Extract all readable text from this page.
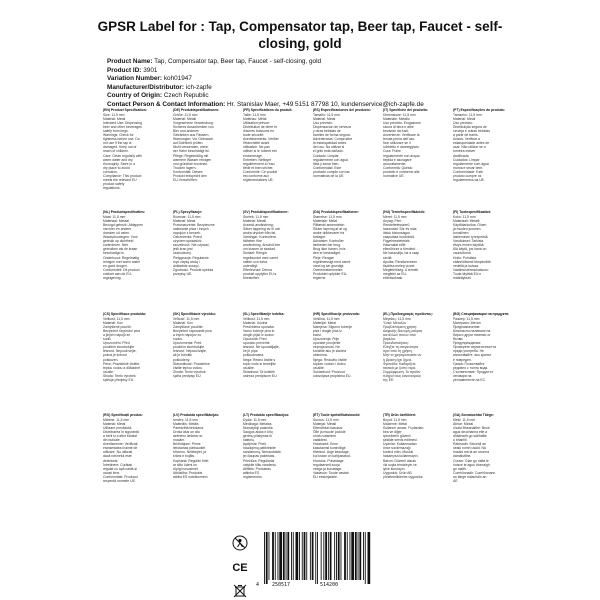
GPSR Label for : Tap, Compensator tap, Beer tap, Faucet - self-
closing, gold
Product Name: Tap, Compensator tap, Beer tap, Faucet - self-closing, gold
Product ID: 3901
Variation Number: koh01947
Manufacturer/Distributor: ich-zapfe
Country of Origin: Czech Republic
Contact Person & Contact Information: Hr. Stanislav Maer, +49 5151 87798 10, kundenservice@ich-zapfe.de
(EN) Product Specification:
Size: 11.5 mm
Material: Metal
Intended Use: Dispensing
beer and other beverages
safely from kegs.
Warnings: Check for
tightness before use. Do
not use if the tap is
damaged. Keep out of
reach of children.
Care: Clean regularly with
warm water and dry
thoroughly. Store in a
dry place to avoid
corrosion.
Compliance: This product
meets the relevant EU
product safety
regulations.
(DE) Produktspezifikationen:
Größe: 11,5 mm
Material: Metall
Vorgesehene Verwendung:
Sicheres Ausschenken von
Bier und anderen
Getränken aus Fässern.
Warnungen: Vor Gebrauch
auf Dichtheit prüfen.
Nicht verwenden, wenn
der Hahn beschädigt ist.
Pflege: Regelmäßig mit
warmem Wasser reinigen
und gründlich trocknen.
Trocken lagern.
Konformität: Dieses
Produkt entspricht den
EU-Vorschriften.
(FR) Spécifications du produit:
Taille: 11,5 mm
Matériau: Métal
Utilisation prévue:
Distribution de bière et
d'autres boissons en
toute sécurité.
Avertissements: Vérifier
l'étanchéité avant
utilisation. Ne pas
utiliser si le robinet est
endommagé.
Entretien: Nettoyer
régulièrement à l'eau
tiède et bien sécher.
Conformité: Ce produit
est conforme aux
réglementations UE.
(ES) Especificaciones del producto:
Tamaño: 11,5 mm
Material: Metal
Uso previsto:
Dispensación de cerveza
y otras bebidas de
barriles de forma segura.
Advertencias: Compruebe
la estanqueidad antes
del uso. No utilizar si
el grifo está dañado.
Cuidado: Limpiar
regularmente con agua
tibia y secar bien.
Conformidad: Este
producto cumple con las
normativas de la UE.
(IT) Specifiche del prodotto:
Dimensione: 11,5 mm
Materiale: Metallo
Uso previsto: Erogazione
sicura di birra e altre
bevande da fusti.
Avvertenze: Verificare la
tenuta prima dell'uso.
Non utilizzare se il
rubinetto è danneggiato.
Cura: Pulire
regolarmente con acqua
tiepida e asciugare
accuratamente.
Conformità: Questo
prodotto è conforme alle
normative UE.
(PT) Especificações do produto:
Tamanho: 11,5 mm
Material: Metal
Uso previsto:
Distribuição segura de
cerveja e outras bebidas
a partir de barris.
Avisos: Verificar a
estanqueidade antes de
usar. Não utilizar se a
torneira estiver
danificada.
Cuidados: Limpar
regularmente com água
morna e secar bem.
Conformidade: Este
produto cumpre os
regulamentos da UE.
(NL) Productspecificaties:
Maat: 11,5 mm
Materiaal: Metaal
Beoogd gebruik: Afdappen
van bier en andere
dranken uit vaten.
Waarschuwingen: Voor
gebruik op dichtheid
controleren. Niet
gebruiken als de kraan
beschadigd is.
Onderhoud: Regelmatig
reinigen met warm water
en goed drogen.
Conformiteit: Dit product
voldoet aan de EU-
regelgeving.
(PL) Specyfikacje:
Rozmiar: 11,5 mm
Materiał: Metal
Przeznaczenie: Bezpieczne
nalewanie piwa i innych
napojów z beczek.
Ostrzeżenia: Przed
użyciem sprawdzić
szczelność. Nie używać,
jeśli kran jest
uszkodzony.
Pielęgnacja: Regularnie
myć ciepłą wodą i
dokładnie suszyć.
Zgodność: Produkt spełnia
przepisy UE.
(SV) Produktspecifikationer:
Storlek: 11,5 mm
Material: Metall
Avsedd användning:
Säker tappning av öl och
andra drycker från fat.
Varningar: Kontrollera
tätheten före
användning. Använd inte
om kranen är skadad.
Skötsel: Rengör
regelbundet med varmt
vatten och torka
ordentligt.
Efterlevnad: Denna
produkt uppfyller EU:s
föreskrifter.
(DA) Produktspecifikationer:
Størrelse: 11,5 mm
Materiale: Metal
Påtænkt anvendelse:
Sikker tapning af øl og
andre drikkevarer fra
fustager.
Advarsler: Kontroller
tætheden før brug.
Brug ikke hanen, hvis
den er beskadiget.
Pleje: Rengør
regelmæssigt med varmt
vand og tør grundigt.
Overensstemmelse:
Produktet opfylder EU-
reglerne.
(HU) Termékspecifikációk:
Méret: 11,5 mm
Anyag: Fém
Rendeltetésszerű
használat: Sör és más
italok biztonságos
csapolása hordókból.
Figyelmeztetések:
Használat előtt
ellenőrizze a tömítést.
Ne használja, ha a csap
sérült.
Ápolás: Rendszeresen
tisztítsa meleg vízzel.
Megfelelőség: A termék
megfelel az EU-
előírásoknak.
(FI) Tuotespesifikaatiot:
Koko: 11,5 mm
Materiaali: Metalli
Käyttötarkoitus: Oluen
ja muiden juomien
turvallinen
laskeminen tynnyreistä.
Varoitukset: Tarkista
tiiviys ennen käyttöä.
Älä käytä, jos hana on
vaurioitunut.
Hoito: Puhdista
säännöllisesti lämpimällä
vedellä ja kuivaa.
Vaatimustenmukaisuus:
Tuote täyttää EU:n
määräykset.
(CS) Specifikace produktu:
Velikost: 11,5 mm
Materiál: Kov
Zamýšlené použití:
Bezpečné čepování piva
a jiných nápojů ze
sudů.
Upozornění: Před
použitím zkontrolujte
těsnost. Nepoužívejte,
pokud je kohout
poškozen.
Péče: Pravidelně čistěte
teplou vodou a důkladně
osušte.
Shoda: Tento výrobek
splňuje předpisy EU.
(SK) Špecifikácie výrobku:
Veľkosť: 11,5 mm
Materiál: Kov
Zamýšľané použitie:
Bezpečné čapovanie piva
a iných nápojov zo
sudov.
Upozornenia: Pred
použitím skontrolujte
tesnosť. Nepoužívajte,
ak je kohútik
poškodený.
Starostlivosť: Pravidelne
čistite teplou vodou.
Zhoda: Tento výrobok
spĺňa predpisy EÚ.
(SL) Specifikacije izdelka:
Velikost: 11,5 mm
Material: Kovina
Predvidena uporaba:
Varno točenje piva in
drugih pijač iz sodov.
Opozorila: Pred
uporabo preverite
tesnost. Ne uporabljajte,
če je pipa
poškodovana.
Nega: Redno čistite s
toplo vodo in temeljito
osušite.
Skladnost: Ta izdelek
ustreza predpisom EU.
(HR) Specifikacije proizvoda:
Veličina: 11,5 mm
Materijal: Metal
Namjena: Sigurno točenje
piva i drugih pića iz
bačvi.
Upozorenja: Prije
uporabe provjerite
nepropusnost. Ne
koristite ako je slavina
oštećena.
Njega: Redovito čistite
toplom vodom i dobro
osušite.
Sukladnost: Proizvod
udovoljava propisima EU.
(EL) Προδιαγραφές προϊόντος:
Μέγεθος: 11,5 mm
Υλικό: Μέταλλο
Προβλεπόμενη χρήση:
Ασφαλής διανομή μπύρας
και άλλων ποτών από
βαρέλια.
Προειδοποιήσεις:
Ελέγξτε τη στεγανότητα
πριν από τη χρήση.
Μην το χρησιμοποιείτε αν
η βρύση έχει ζημιά.
Φροντίδα: Καθαρίζετε
τακτικά με ζεστό νερό.
Συμμόρφωση: Το προϊόν
πληροί τους κανονισμούς
της ΕΕ.
(BG) Спецификации на продукта:
Размер: 11,5 mm
Материал: Метал
Предназначение:
Безопасно наливане на
бира и други напитки от
бъчви.
Предупреждения:
Проверете херметичността
преди употреба. Не
използвайте, ако кранът
е повреден.
Грижа: Почиствайте
редовно с топла вода.
Съответствие: Продуктът
отговаря на
регламентите на ЕС.
(RO) Specificații produs:
Mărime: 11,5 mm
Material: Metal
Utilizare prevăzută:
Distribuirea în siguranță
a berii și a altor băuturi
din butoaie.
Avertismente: Verificați
etanșeitatea înainte de
utilizare. Nu utilizați
dacă robinetul este
deteriorat.
Întreținere: Curățați
regulat cu apă caldă și
uscați bine.
Conformitate: Produsul
respectă normele UE.
(LV) Produkta specifikācijas:
Izmērs: 11,5 mm
Materiāls: Metāls
Paredzētā lietošana:
Droša alus un citu
dzērienu liešana no
mucām.
Brīdinājumi: Pirms
lietošanas pārbaudiet
blīvumu. Nelietojiet, ja
krāns ir bojāts.
Kopšana: Regulāri tīriet
ar siltu ūdeni un
rūpīgi nosusiniet.
Atbilstība: Produkts
atbilst ES noteikumiem.
(LT) Produkto specifikacijos:
Dydis: 11,5 mm
Medžiaga: Metalas
Numatytoji paskirtis:
Saugus alaus ir kitų
gėrimų pilstymas iš
statinių.
Įspėjimai: Prieš
naudojimą patikrinkite
sandarumą. Nenaudokite,
jei čiaupas pažeistas.
Priežiūra: Reguliariai
valykite šiltu vandeniu.
Atitiktis: Produktas
atitinka ES
reglamentus.
(ET) Toote spetsifikatsioonid:
Suurus: 11,5 mm
Materjal: Metall
Ettenähtud kasutus:
Õlle ja muude jookide
ohutu valamine
vaatidest.
Hoiatused: Enne
kasutamist kontrollige
tihedust. Ärge kasutage,
kui kraan on kahjustatud.
Hooldus: Puhastage
regulaarselt sooja
veega ja kuivatage.
Vastavus: Toode vastab
ELi eeskirjadele.
(TR) Ürün özellikleri:
Boyut: 11,5 mm
Malzeme: Metal
Kullanım amacı: Fıçılardan
bira ve diğer
içeceklerin güvenli
şekilde servis edilmesi.
Uyarılar: Kullanmadan
önce sızdırmazlığı
kontrol edin. Musluk
hasarlıysa kullanmayın.
Bakım: Düzenli olarak
ılık suyla temizleyin ve
iyice kurulayın.
Uygunluk: Ürün AB
yönetmeliklerine uygundur.
(GA) Sonraíochtaí Táirge:
Méid: 11,5 mm
Ábhar: Miotal
Úsáid Bheartaithe: Beoir
agus deochanna eile a
dháileadh go sábháilte
ó bhairillí.
Rabhaidh: Seiceáil an
séalú roimh úsáid. Ná
húsáid má tá an sconna
damáistithe.
Cúram: Glan go rialta le
huisce te agus triomaigh
go maith.
Comhlíonadh: Comhlíonann
an táirge rialacháin an
AE.

CE

4	250517	514200
